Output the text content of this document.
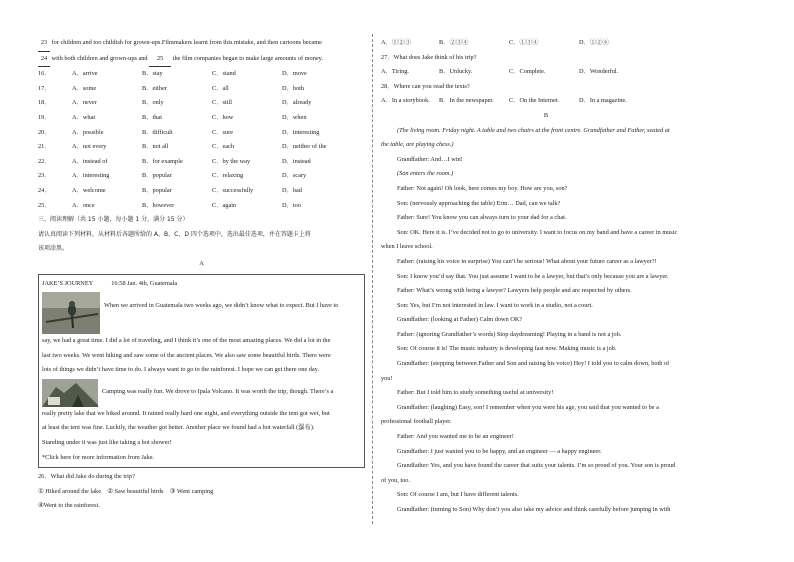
23 for children and too childish for grown-ups.Filmmakers learnt from this mistake, and then cartoons became
24 with both children and grown-ups and 25 the film companies began to make large amounts of money.
16．	A．arrive	B．stay	C．stand	D．move
17．	A．some	B．either	C．all	D．both
18．	A．never	B．only	C．still	D．already
19．	A．what	B．that	C．how	D．when
20．	A．possible	B．difficult	C．sure	D．interesting
21．	A．not every	B．not all	C．each	D．neither of the
22．	A．instead of	B．for example	C．by the way	D．instead
23．	A．interesting	B．popular	C．relaxing	D．scary
24．	A．welcome	B．popular	C．successfully	D．bad
25．	A．once	B．however	C．again	D．too
三、阅读理解（共 15 小题，每小题 1 分，满分 15 分）
请认真阅读下列材料，从材料后各题所给的 A、B、C、D 四个选项中，选出最佳选项，并在答题卡上将
该项涂黑。
A
JAKE’S JOURNEY	16:58 Jan. 4th, Guatemala
When we arrived in Guatemala two weeks ago, we didn’t know what to expect. But I have to
say, we had a great time. I did a lot of traveling, and I think it’s one of the most amazing places. We did a lot in the
last two weeks. We went hiking and saw some of the ancient places. We also saw some beautiful birds. There were
lots of things we didn’t have time to do. I always want to go to the rainforest. I hope we can get there one day.
Camping was really fun. We drove to Ipala Volcano. It was worth the trip, though. There’s a
really pretty lake that we hiked around. It rained really hard one night, and everything outside the tent got wet, but
at least the tent was fine. Luckily, the weather got better. Another place we found had a hot waterfall (瀑布).
Standing under it was just like taking a hot shower!
*Click here for more information from Jake.
26．What did Jake do during the trip?
① Hiked around the lake ② Saw beautiful birds ③ Went camping
④Went to the rainforest.
A．①②③	B．②③④	C．①③④	D．①②④
27．What does Jake think of his trip?
A．Tiring.	B．Unlucky.	C．Complete.	D．Wonderful.
28．Where can you read the texts?
A．In a storybook.	B．In the newspaper.	C．On the Internet.	D．In a magazine.
B
(The living room. Friday night. A table and two chairs at the front centre. Grandfather and Father, seated at
the table, are playing chess.)
Grandfather: And…I win!
(Son enters the room.)
Father: Not again! Oh look, here comes my boy. How are you, son?
Son: (nervously approaching the table) Erm… Dad, can we talk?
Father: Sure! You know you can always turn to your dad for a chat.
Son: OK. Here it is. I’ve decided not to go to university. I want to focus on my band and have a career in music
when I leave school.
Father: (raising his voice in surprise) You can’t be serious! What about your future career as a lawyer?!
Son: I know you’d say that. You just assume I want to be a lawyer, but that’s only because you are a lawyer.
Father: What’s wrong with being a lawyer? Lawyers help people and are respected by others.
Son: Yes, but I’m not interested in law. I want to work in a studio, not a court.
Grandfather: (looking at Father) Calm down OK?
Father: (ignoring Grandfather’s words) Stop daydreaming! Playing in a band is not a job.
Son: Of course it is! The music industry is developing fast now. Making music is a job.
Grandfather: (stepping between Father and Son and raising his voice) Hey! I told you to calm down, both of
you!
Father: But I told him to study something useful at university!
Grandfather: (laughing) Easy, son! I remember when you were his age, you said that you wanted to be a
professional football player.
Father: And you wanted me to be an engineer!
Grandfather: I just wanted you to be happy, and an engineer — a happy engineer.
Grandfather: Yes, and you have found the career that suits your talents. I’m so proud of you. Your son is proud
of you, too.
Son: Of course I am, but I have different talents.
Grandfather: (turning to Son) Why don’t you also take my advice and think carefully before jumping in with
